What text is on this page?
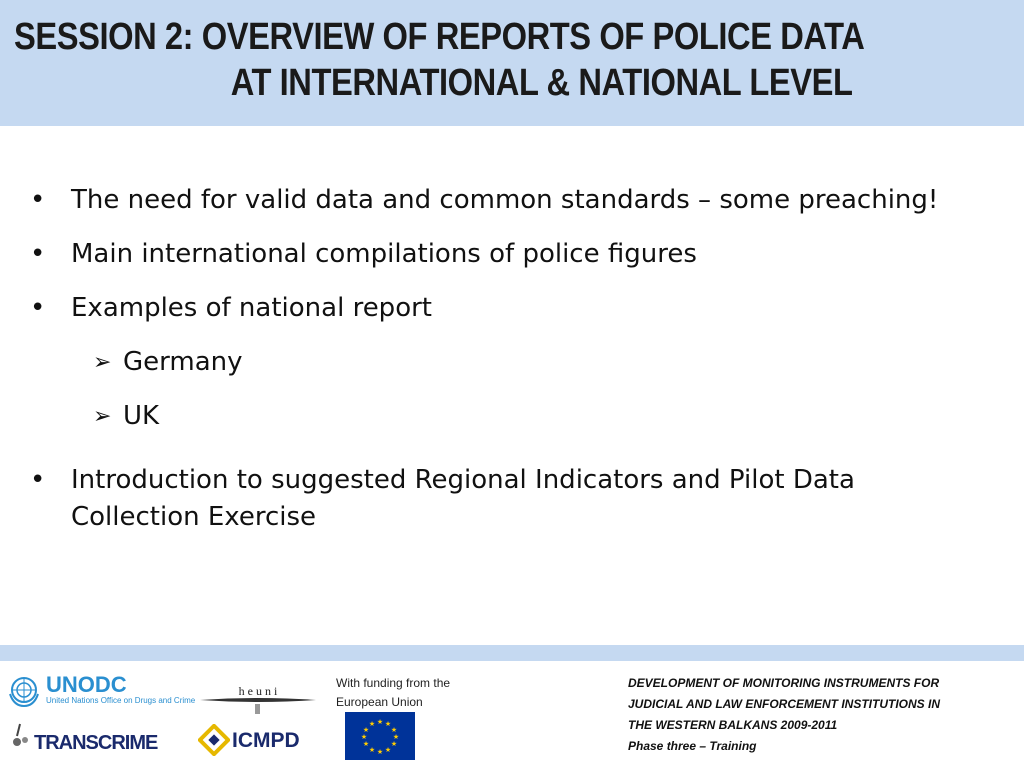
SESSION 2: OVERVIEW OF REPORTS OF POLICE DATA
AT INTERNATIONAL & NATIONAL LEVEL
• The need for valid data and common standards – some preaching!
• Main international compilations of police figures
• Examples of national report
➢ Germany
➢ UK
• Introduction to suggested Regional Indicators and Pilot Data Collection Exercise
UNODC
United Nations Office on Drugs and Crime
h e u n i
TRANSCRIME	ICMPD
With funding from the
European Union
★ ★
★
★
★
★
★
★
★
★
★
★
DEVELOPMENT OF MONITORING INSTRUMENTS FOR
JUDICIAL AND LAW ENFORCEMENT INSTITUTIONS IN
THE WESTERN BALKANS 2009-2011
Phase three – Training
